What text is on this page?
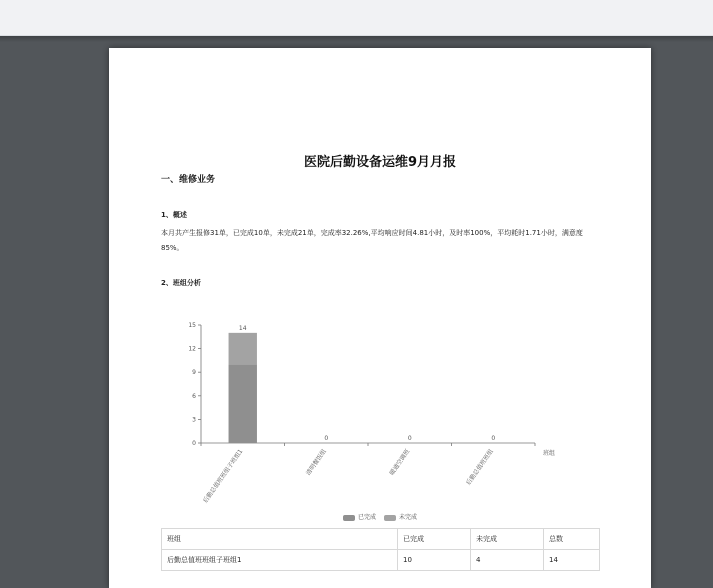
医院后勤设备运维9月月报
一、维修业务
1、概述
本月共产生报修31单，已完成10单，未完成21单，完成率32.26%,平均响应时间4.81小时，及时率100%，平均耗时1.71小时，满意度85%。
2、班组分析
0
3
6
9
12
15	14
后勤总值班班组子班组1
0
清明餐饭组
0
暖通空调班
0
后勤总值班班组	班组
已完成	未完成
班组	已完成	未完成	总数
后勤总值班班组子班组1	10	4	14
